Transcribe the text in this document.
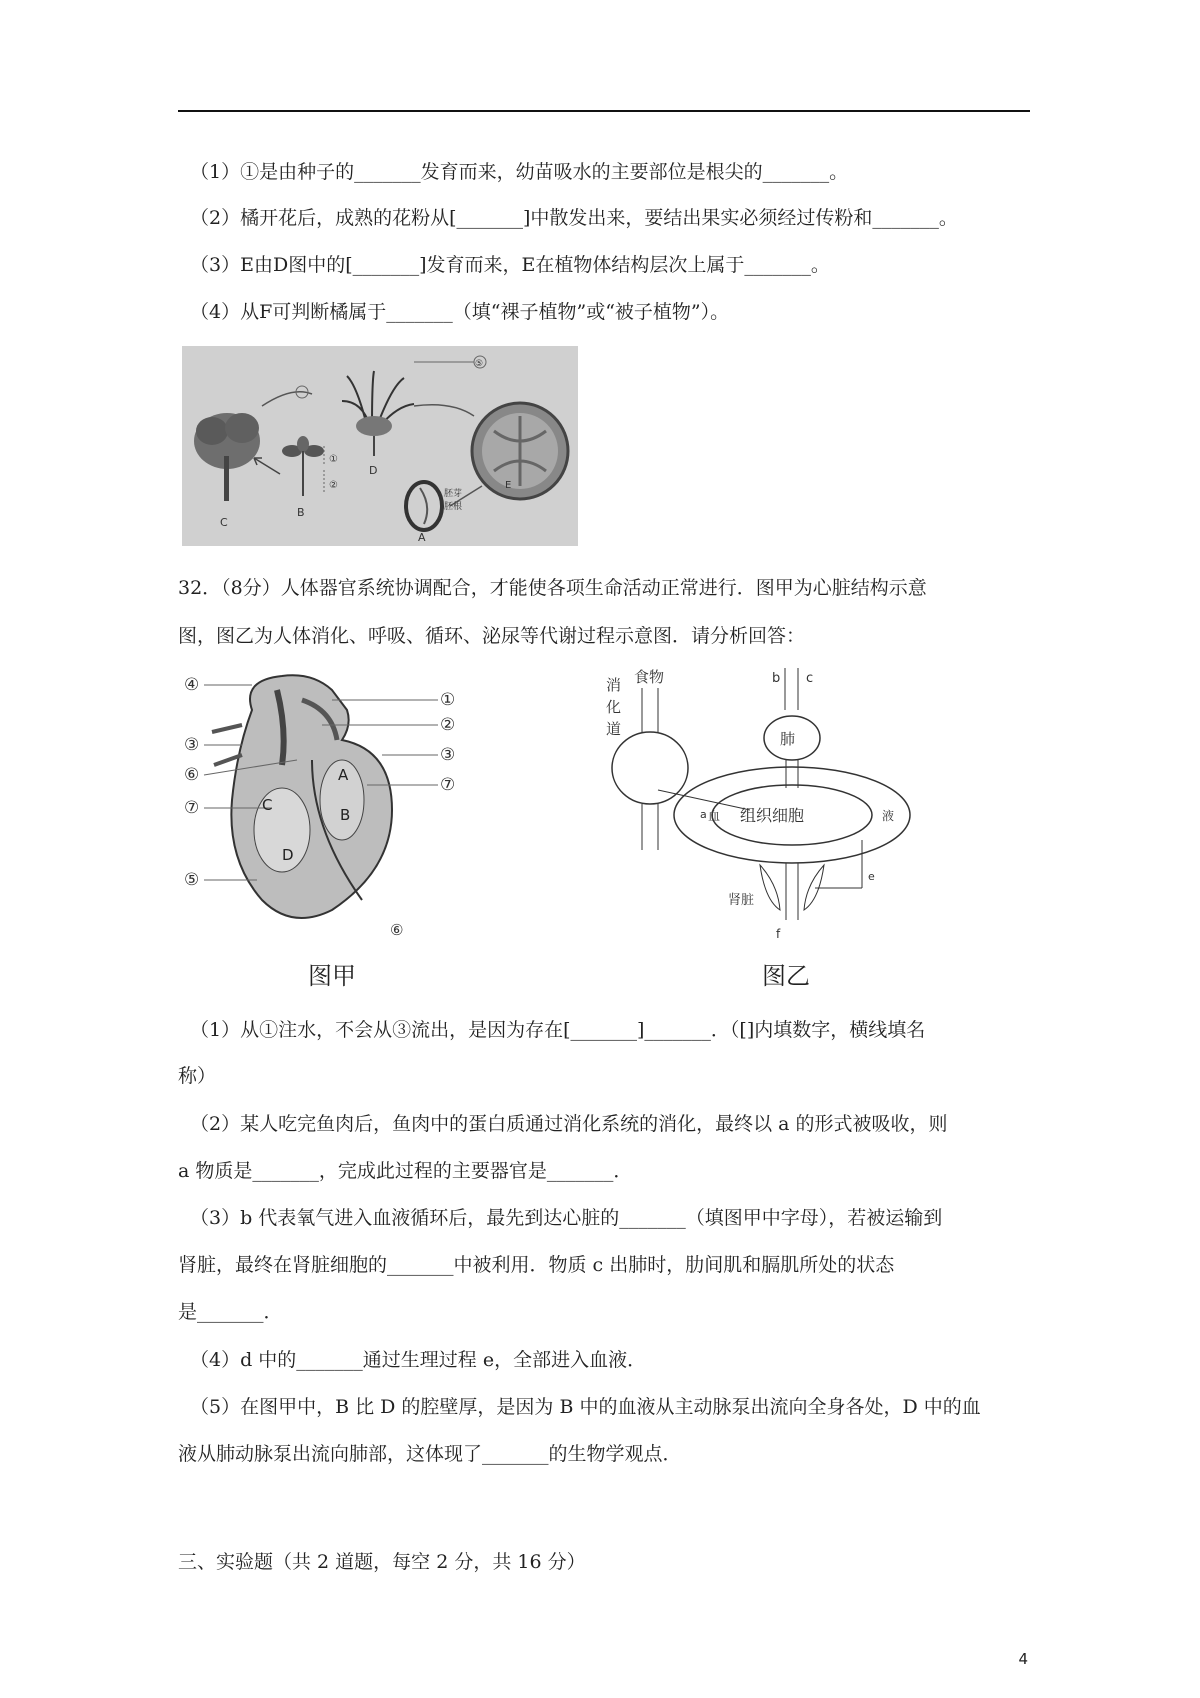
（1）①是由种子的_______发育而来，幼苗吸水的主要部位是根尖的_______。
（2）橘开花后，成熟的花粉从[_______]中散发出来，要结出果实必须经过传粉和_______。
（3）E由D图中的[_______]发育而来，E在植物体结构层次上属于_______。
（4）从F可判断橘属于_______（填“裸子植物”或“被子植物”）。
C
D
⑤
E
胚芽
胚根
A
①
②
B
32．（8分）人体器官系统协调配合，才能使各项生命活动正常进行．图甲为心脏结构示意
图，图乙为人体消化、呼吸、循环、泌尿等代谢过程示意图．请分析回答：
④
③
⑥
⑦
⑤
①
②
③
⑦
⑥
A
B
C
D
图甲
消
化
道
食物
a
b c
肺
血 组织细胞	液
e
肾脏
f
图乙
（1）从①注水，不会从③流出，是因为存在[_______]_______．（[]内填数字，横线填名
称）
（2）某人吃完鱼肉后，鱼肉中的蛋白质通过消化系统的消化，最终以 a 的形式被吸收，则
a 物质是_______，完成此过程的主要器官是_______．
（3）b 代表氧气进入血液循环后，最先到达心脏的_______（填图甲中字母），若被运输到
肾脏，最终在肾脏细胞的_______中被利用．物质 c 出肺时，肋间肌和膈肌所处的状态
是_______．
（4）d 中的_______通过生理过程 e，全部进入血液．
（5）在图甲中，B 比 D 的腔壁厚，是因为 B 中的血液从主动脉泵出流向全身各处，D 中的血
液从肺动脉泵出流向肺部，这体现了_______的生物学观点．
三、实验题（共 2 道题，每空 2 分，共 16 分）
4
